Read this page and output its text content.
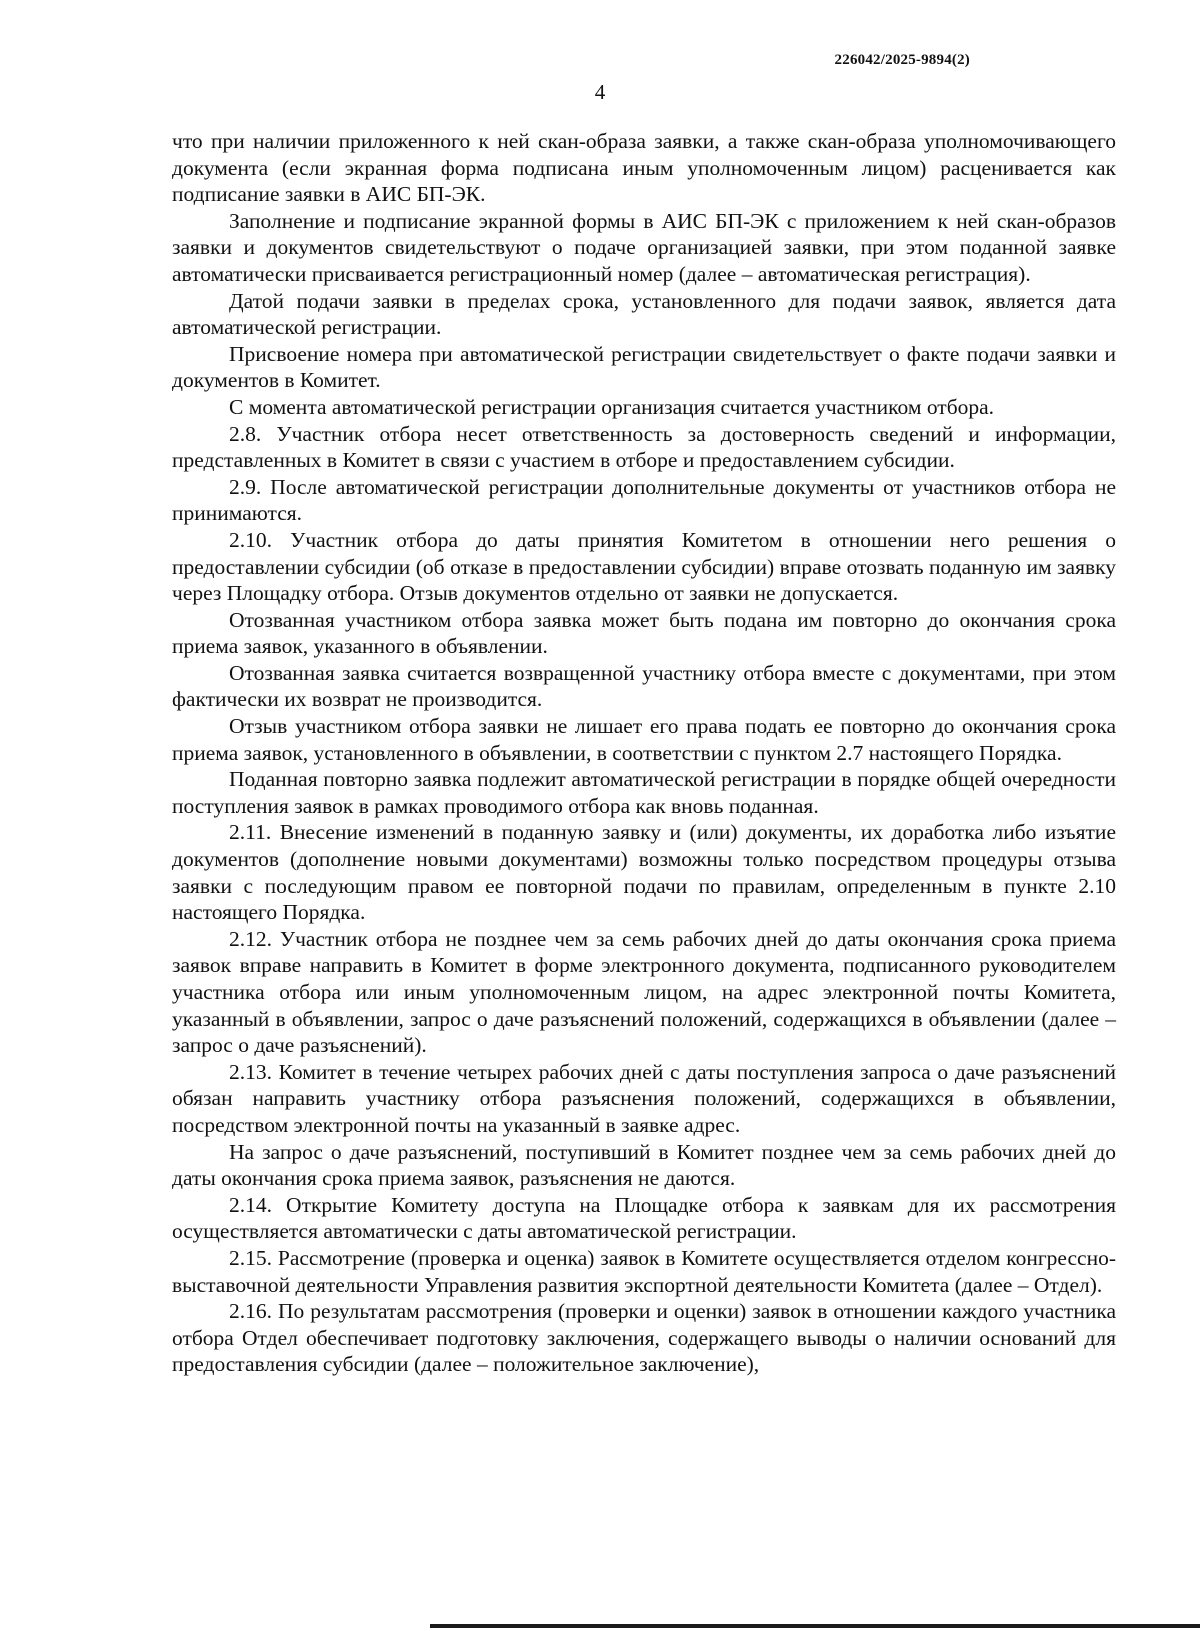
226042/2025-9894(2)
4

что при наличии приложенного к ней скан-образа заявки, а также скан-образа уполномочивающего документа (если экранная форма подписана иным уполномоченным лицом) расценивается как подписание заявки в АИС БП-ЭК.

Заполнение и подписание экранной формы в АИС БП-ЭК с приложением к ней скан-образов заявки и документов свидетельствуют о подаче организацией заявки, при этом поданной заявке автоматически присваивается регистрационный номер (далее – автоматическая регистрация).

Датой подачи заявки в пределах срока, установленного для подачи заявок, является дата автоматической регистрации.

Присвоение номера при автоматической регистрации свидетельствует о факте подачи заявки и документов в Комитет.

С момента автоматической регистрации организация считается участником отбора.

2.8. Участник отбора несет ответственность за достоверность сведений и информации, представленных в Комитет в связи с участием в отборе и предоставлением субсидии.

2.9. После автоматической регистрации дополнительные документы от участников отбора не принимаются.

2.10. Участник отбора до даты принятия Комитетом в отношении него решения о предоставлении субсидии (об отказе в предоставлении субсидии) вправе отозвать поданную им заявку через Площадку отбора. Отзыв документов отдельно от заявки не допускается.

Отозванная участником отбора заявка может быть подана им повторно до окончания срока приема заявок, указанного в объявлении.

Отозванная заявка считается возвращенной участнику отбора вместе с документами, при этом фактически их возврат не производится.

Отзыв участником отбора заявки не лишает его права подать ее повторно до окончания срока приема заявок, установленного в объявлении, в соответствии с пунктом 2.7 настоящего Порядка.

Поданная повторно заявка подлежит автоматической регистрации в порядке общей очередности поступления заявок в рамках проводимого отбора как вновь поданная.

2.11. Внесение изменений в поданную заявку и (или) документы, их доработка либо изъятие документов (дополнение новыми документами) возможны только посредством процедуры отзыва заявки с последующим правом ее повторной подачи по правилам, определенным в пункте 2.10 настоящего Порядка.

2.12. Участник отбора не позднее чем за семь рабочих дней до даты окончания срока приема заявок вправе направить в Комитет в форме электронного документа, подписанного руководителем участника отбора или иным уполномоченным лицом, на адрес электронной почты Комитета, указанный в объявлении, запрос о даче разъяснений положений, содержащихся в объявлении (далее – запрос о даче разъяснений).

2.13. Комитет в течение четырех рабочих дней с даты поступления запроса о даче разъяснений обязан направить участнику отбора разъяснения положений, содержащихся в объявлении, посредством электронной почты на указанный в заявке адрес.

На запрос о даче разъяснений, поступивший в Комитет позднее чем за семь рабочих дней до даты окончания срока приема заявок, разъяснения не даются.

2.14. Открытие Комитету доступа на Площадке отбора к заявкам для их рассмотрения осуществляется автоматически с даты автоматической регистрации.

2.15. Рассмотрение (проверка и оценка) заявок в Комитете осуществляется отделом конгрессно-выставочной деятельности Управления развития экспортной деятельности Комитета (далее – Отдел).

2.16. По результатам рассмотрения (проверки и оценки) заявок в отношении каждого участника отбора Отдел обеспечивает подготовку заключения, содержащего выводы о наличии оснований для предоставления субсидии (далее – положительное заключение),
